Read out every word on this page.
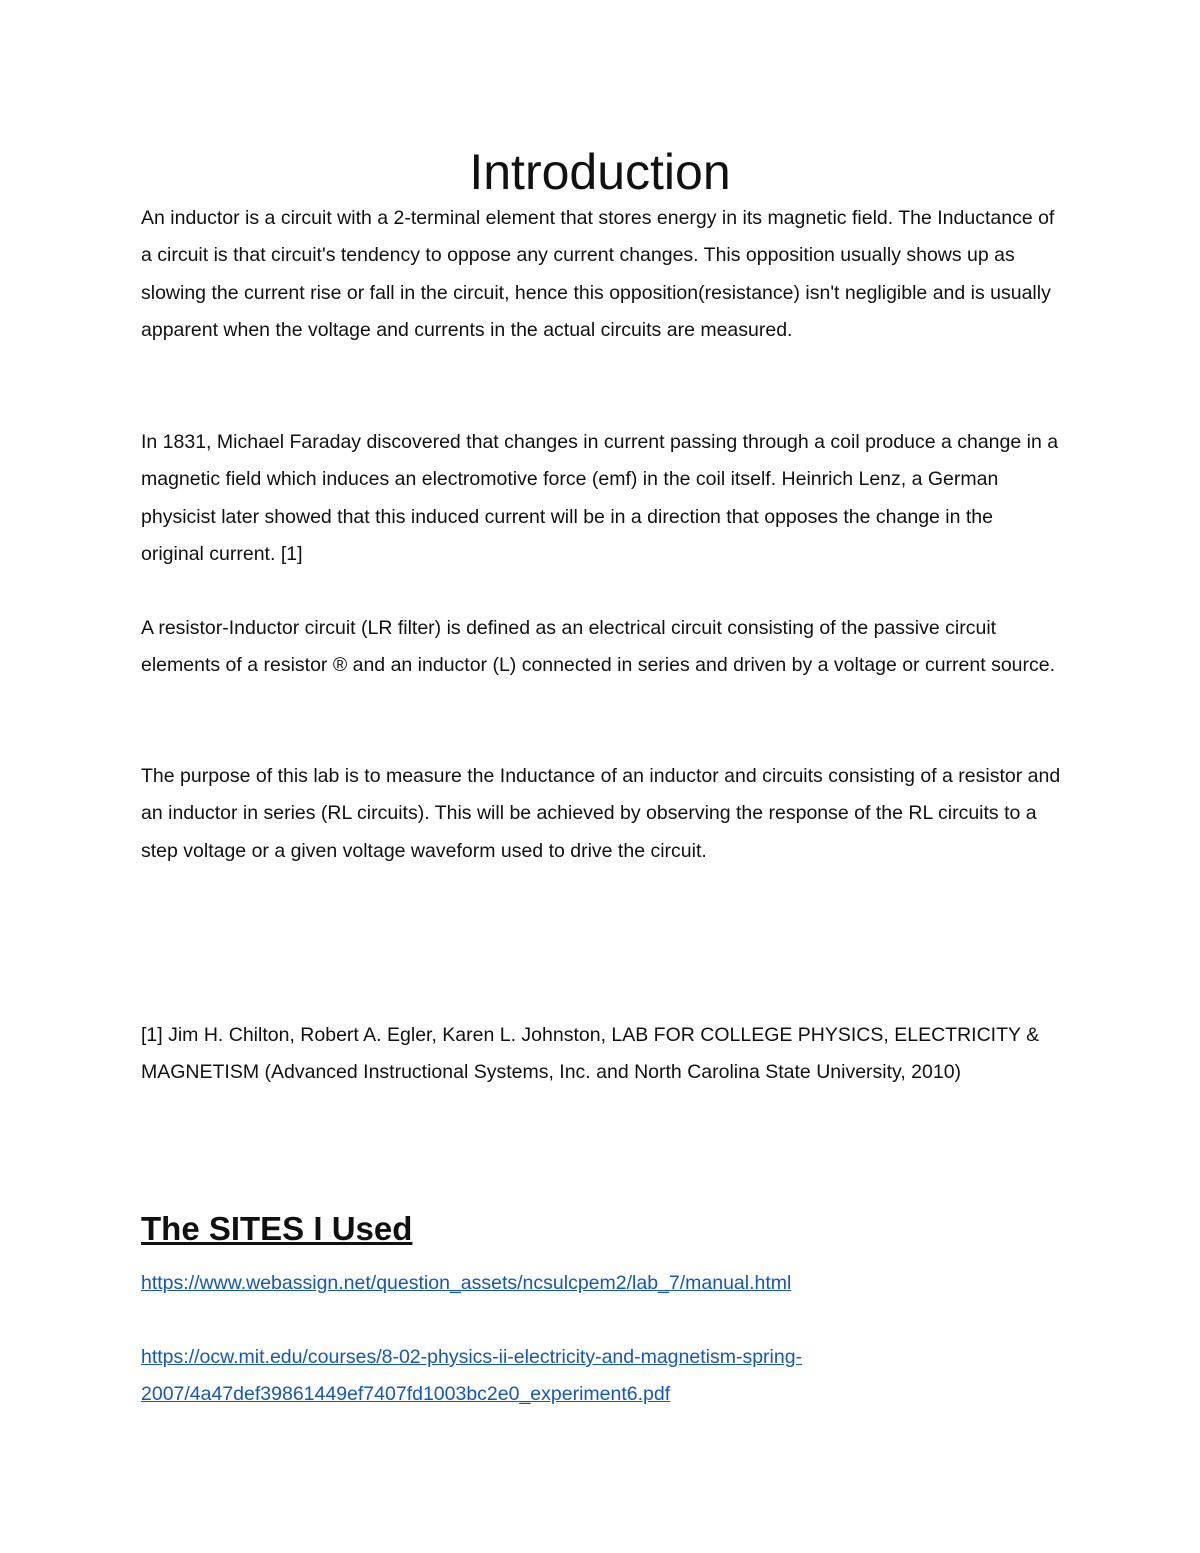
Introduction

An inductor is a circuit with a 2-terminal element that stores energy in its magnetic field. The Inductance of a circuit is that circuit's tendency to oppose any current changes. This opposition usually shows up as slowing the current rise or fall in the circuit, hence this opposition(resistance) isn't negligible and is usually apparent when the voltage and currents in the actual circuits are measured.

In 1831, Michael Faraday discovered that changes in current passing through a coil produce a change in a magnetic field which induces an electromotive force (emf) in the coil itself. Heinrich Lenz, a German physicist later showed that this induced current will be in a direction that opposes the change in the original current. [1]

A resistor-Inductor circuit (LR filter) is defined as an electrical circuit consisting of the passive circuit elements of a resistor ® and an inductor (L) connected in series and driven by a voltage or current source.

The purpose of this lab is to measure the Inductance of an inductor and circuits consisting of a resistor and an inductor in series (RL circuits). This will be achieved by observing the response of the RL circuits to a step voltage or a given voltage waveform used to drive the circuit.

[1] Jim H. Chilton, Robert A. Egler, Karen L. Johnston, LAB FOR COLLEGE PHYSICS, ELECTRICITY & MAGNETISM (Advanced Instructional Systems, Inc. and North Carolina State University, 2010)

The SITES I Used

https://www.webassign.net/question_assets/ncsulcpem2/lab_7/manual.html

https://ocw.mit.edu/courses/8-02-physics-ii-electricity-and-magnetism-spring-
2007/4a47def39861449ef7407fd1003bc2e0_experiment6.pdf
